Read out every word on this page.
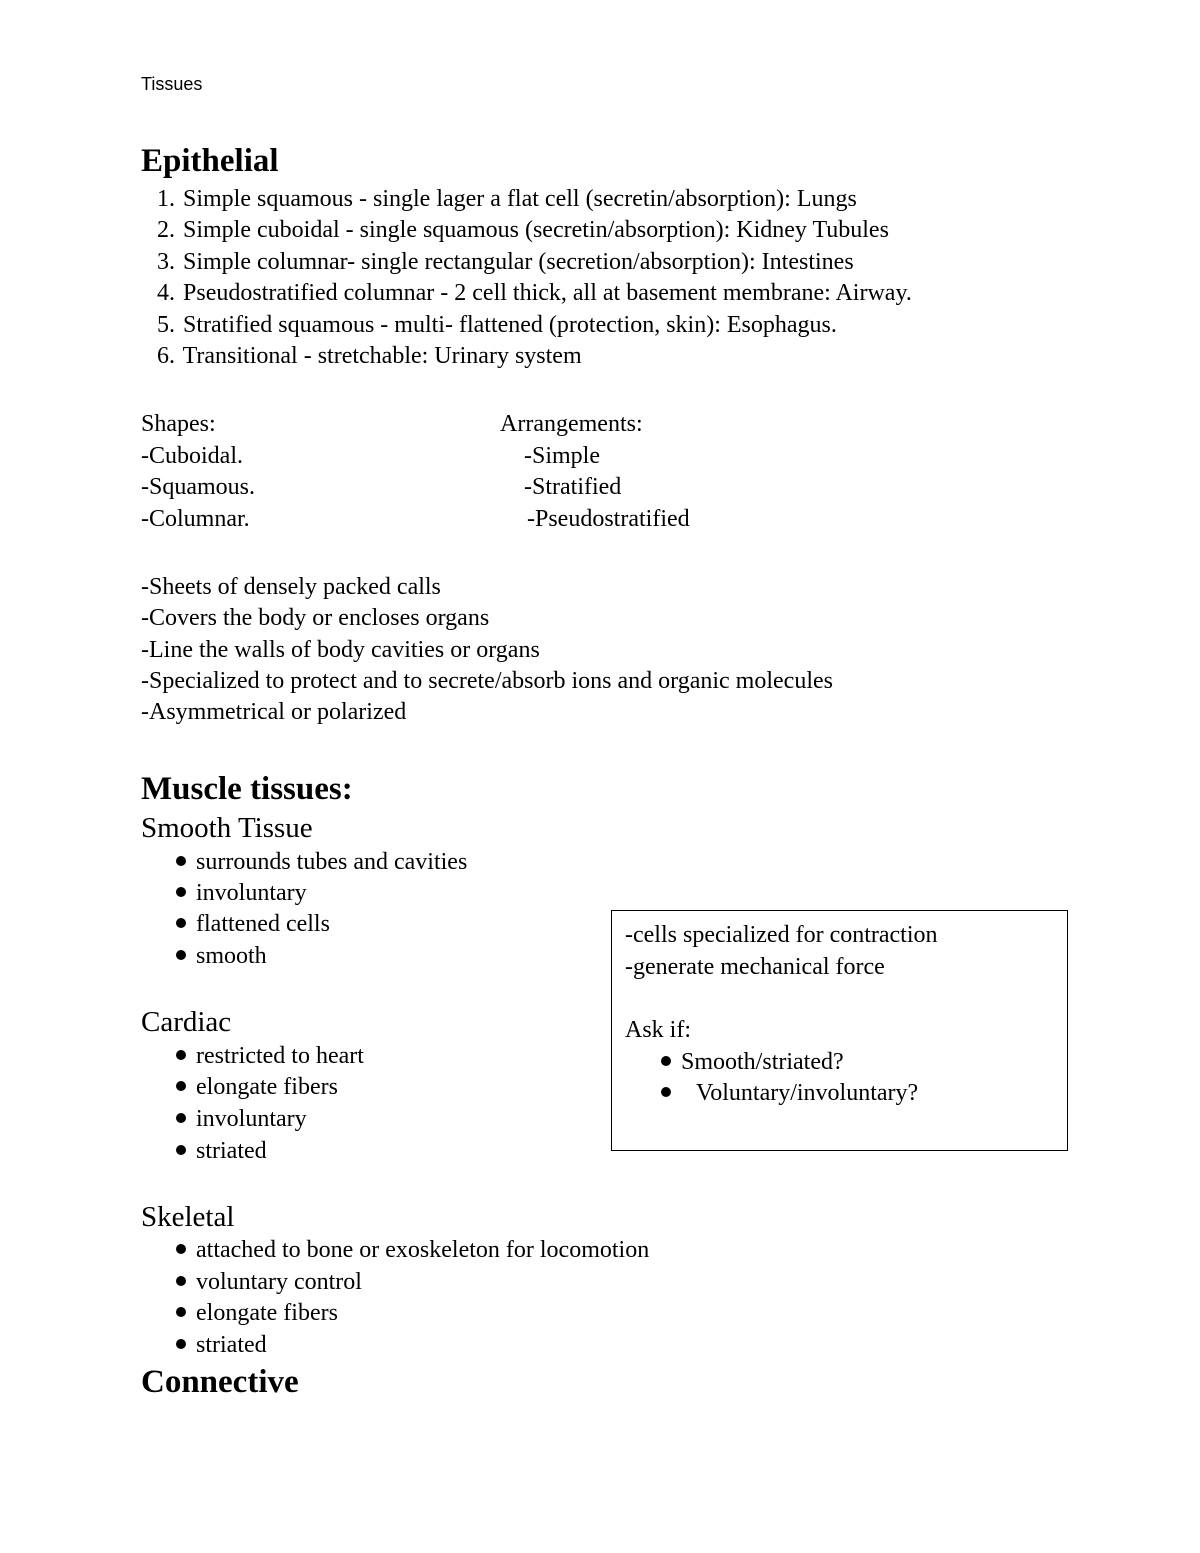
Tissues
Epithelial
1. Simple squamous - single lager a flat cell (secretin/absorption): Lungs
2. Simple cuboidal - single squamous (secretin/absorption): Kidney Tubules
3. Simple columnar- single rectangular (secretion/absorption): Intestines
4. Pseudostratified columnar - 2 cell thick, all at basement membrane: Airway.
5. Stratified squamous - multi- flattened (protection, skin): Esophagus.
6. Transitional - stretchable: Urinary system
Shapes:
-Cuboidal.
-Squamous.
-Columnar.
Arrangements:
-Simple
-Stratified
-Pseudostratified
-Sheets of densely packed calls
-Covers the body or encloses organs
-Line the walls of body cavities or organs
-Specialized to protect and to secrete/absorb ions and organic molecules
-Asymmetrical or polarized
Muscle tissues:
Smooth Tissue
surrounds tubes and cavities
involuntary
flattened cells
smooth
Cardiac
restricted to heart
elongate fibers
involuntary
striated
Skeletal
attached to bone or exoskeleton for locomotion
voluntary control
elongate fibers
striated
-cells specialized for contraction
-generate mechanical force
Ask if:
Smooth/striated?
Voluntary/involuntary?
Connective
